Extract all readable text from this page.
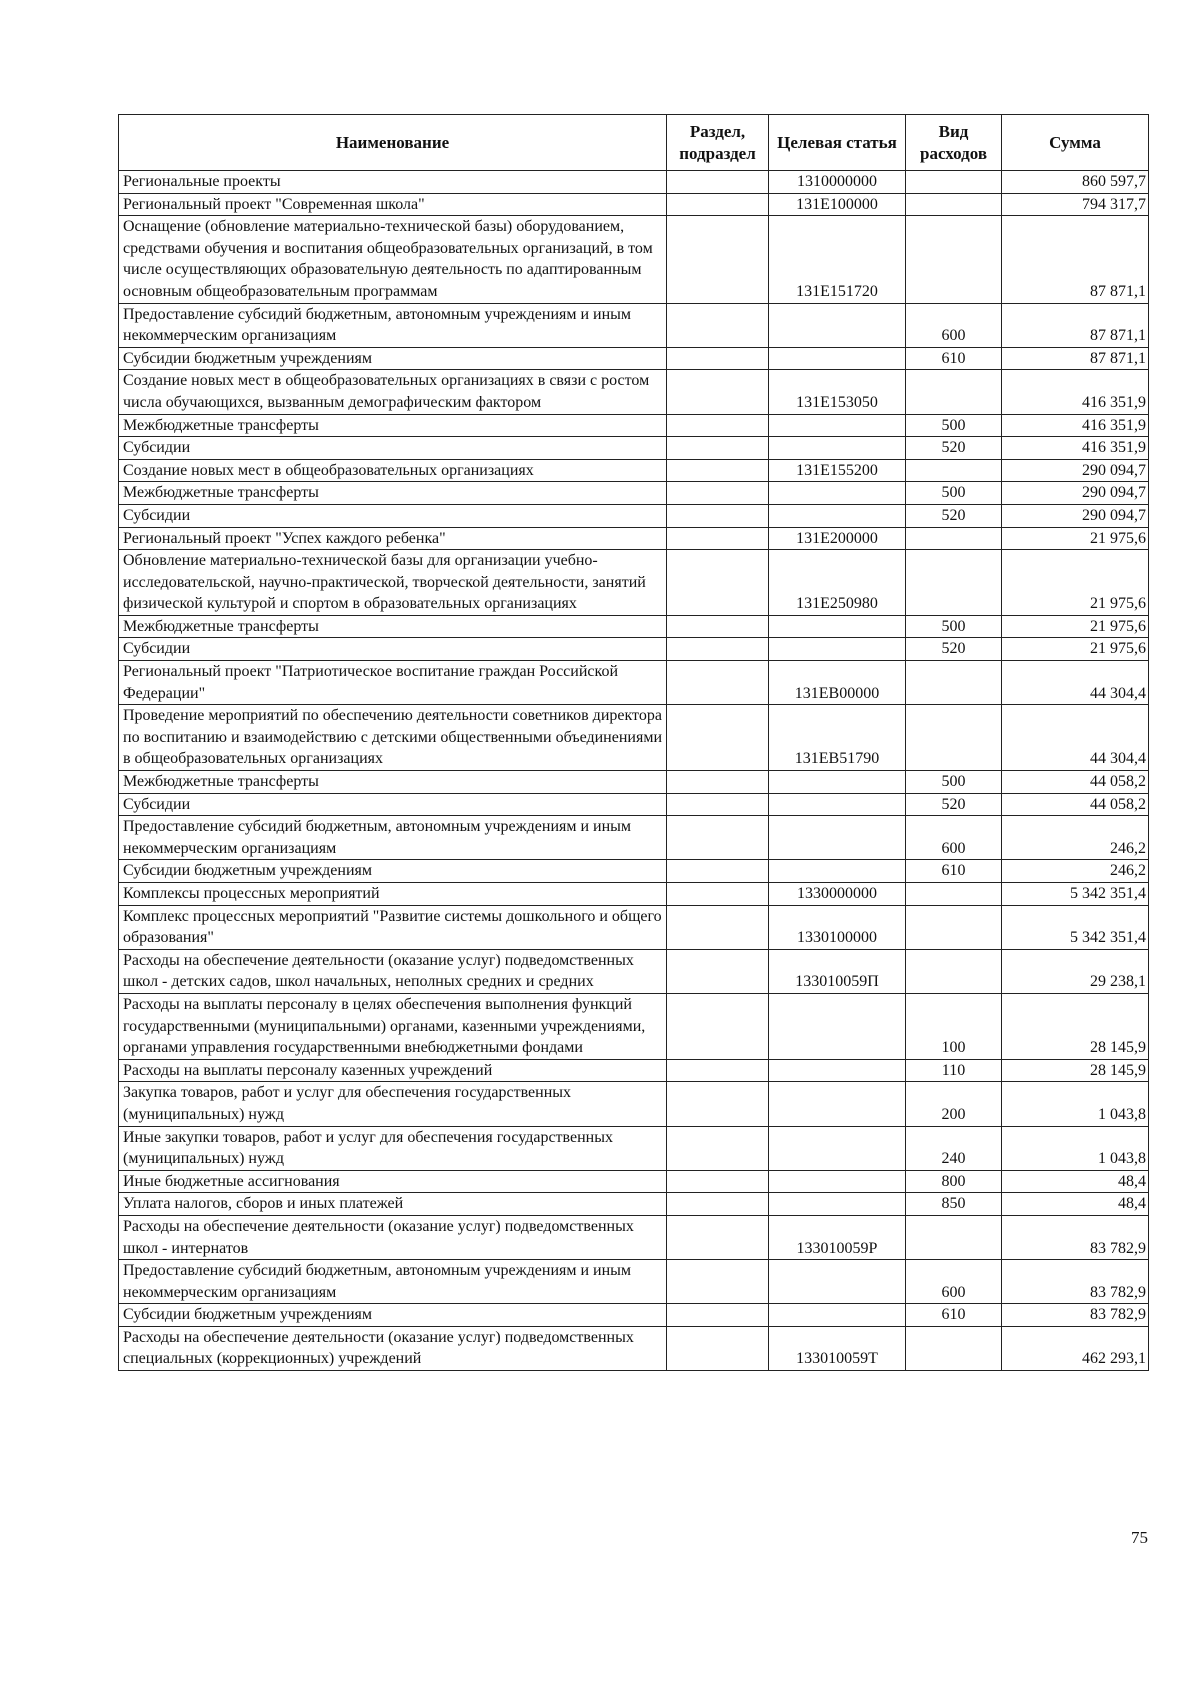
Наименование	Раздел, подраздел	Целевая статья	Вид расходов	Сумма
Региональные проекты		1310000000		860 597,7
Региональный проект "Современная школа"		131E100000		794 317,7
Оснащение (обновление материально-технической базы) оборудованием, средствами обучения и воспитания общеобразовательных организаций, в том числе осуществляющих образовательную деятельность по адаптированным основным общеобразовательным программам		131E151720		87 871,1
Предоставление субсидий бюджетным, автономным учреждениям и иным некоммерческим организациям			600	87 871,1
Субсидии бюджетным учреждениям			610	87 871,1
Создание новых мест в общеобразовательных организациях в связи с ростом числа обучающихся, вызванным демографическим фактором		131E153050		416 351,9
Межбюджетные трансферты			500	416 351,9
Субсидии			520	416 351,9
Создание новых мест в общеобразовательных организациях		131E155200		290 094,7
Межбюджетные трансферты			500	290 094,7
Субсидии			520	290 094,7
Региональный проект "Успех каждого ребенка"		131E200000		21 975,6
Обновление материально-технической базы для организации учебно-исследовательской, научно-практической, творческой деятельности, занятий физической культурой и спортом в образовательных организациях		131E250980		21 975,6
Межбюджетные трансферты			500	21 975,6
Субсидии			520	21 975,6
Региональный проект "Патриотическое воспитание граждан Российской Федерации"		131EB00000		44 304,4
Проведение мероприятий по обеспечению деятельности советников директора по воспитанию и взаимодействию с детскими общественными объединениями в общеобразовательных организациях		131EB51790		44 304,4
Межбюджетные трансферты			500	44 058,2
Субсидии			520	44 058,2
Предоставление субсидий бюджетным, автономным учреждениям и иным некоммерческим организациям			600	246,2
Субсидии бюджетным учреждениям			610	246,2
Комплексы процессных мероприятий		1330000000		5 342 351,4
Комплекс процессных мероприятий "Развитие системы дошкольного и общего образования"		1330100000		5 342 351,4
Расходы на обеспечение деятельности (оказание услуг) подведомственных школ - детских садов, школ начальных, неполных средних и средних		133010059П		29 238,1
Расходы на выплаты персоналу в целях обеспечения выполнения функций государственными (муниципальными) органами, казенными учреждениями, органами управления государственными внебюджетными фондами			100	28 145,9
Расходы на выплаты персоналу казенных учреждений			110	28 145,9
Закупка товаров, работ и услуг для обеспечения государственных (муниципальных) нужд			200	1 043,8
Иные закупки товаров, работ и услуг для обеспечения государственных (муниципальных) нужд			240	1 043,8
Иные бюджетные ассигнования			800	48,4
Уплата налогов, сборов и иных платежей			850	48,4
Расходы на обеспечение деятельности (оказание услуг) подведомственных школ - интернатов		133010059Р		83 782,9
Предоставление субсидий бюджетным, автономным учреждениям и иным некоммерческим организациям			600	83 782,9
Субсидии бюджетным учреждениям			610	83 782,9
Расходы на обеспечение деятельности (оказание услуг) подведомственных специальных (коррекционных) учреждений		133010059Т		462 293,1
75
